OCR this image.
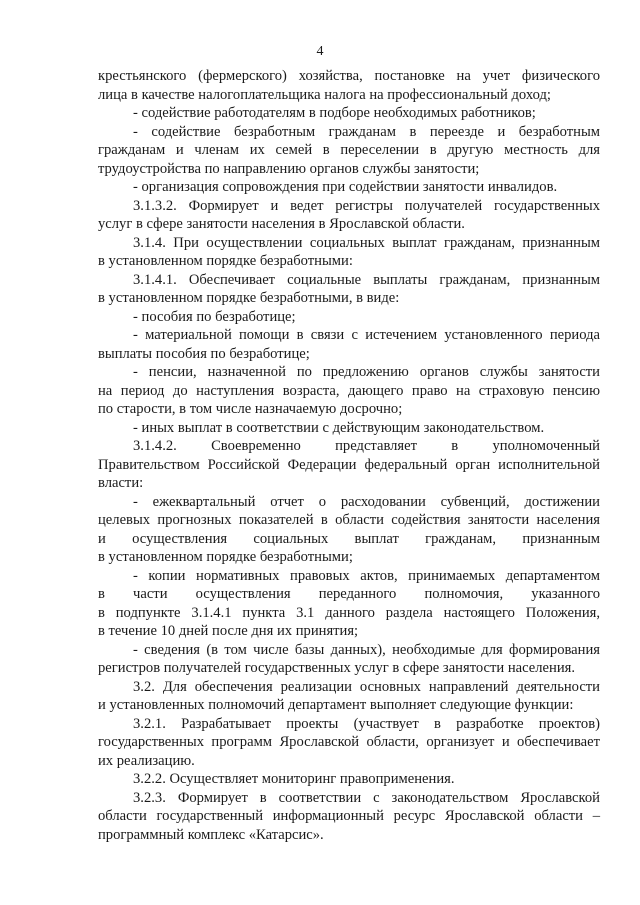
4

крестьянского (фермерского) хозяйства, постановке на учет физического

лица в качестве налогоплательщика налога на профессиональный доход;

- содействие работодателям в подборе необходимых работников;

- содействие безработным гражданам в переезде и безработным

гражданам и членам их семей в переселении в другую местность для

трудоустройства по направлению органов службы занятости;

- организация сопровождения при содействии занятости инвалидов.

3.1.3.2. Формирует и ведет регистры получателей государственных

услуг в сфере занятости населения в Ярославской области.

3.1.4. При осуществлении социальных выплат гражданам, признанным

в установленном порядке безработными:

3.1.4.1. Обеспечивает социальные выплаты гражданам, признанным

в установленном порядке безработными, в виде:

- пособия по безработице;

- материальной помощи в связи с истечением установленного периода

выплаты пособия по безработице;

- пенсии, назначенной по предложению органов службы занятости

на период до наступления возраста, дающего право на страховую пенсию

по старости, в том числе назначаемую досрочно;

- иных выплат в соответствии с действующим законодательством.

3.1.4.2. Своевременно представляет в уполномоченный

Правительством Российской Федерации федеральный орган исполнительной

власти:

- ежеквартальный отчет о расходовании субвенций, достижении

целевых прогнозных показателей в области содействия занятости населения

и осуществления социальных выплат гражданам, признанным

в установленном порядке безработными;

- копии нормативных правовых актов, принимаемых департаментом

в части осуществления переданного полномочия, указанного

в подпункте 3.1.4.1 пункта 3.1 данного раздела настоящего Положения,

в течение 10 дней после дня их принятия;

- сведения (в том числе базы данных), необходимые для формирования

регистров получателей государственных услуг в сфере занятости населения.

3.2. Для обеспечения реализации основных направлений деятельности

и установленных полномочий департамент выполняет следующие функции:

3.2.1. Разрабатывает проекты (участвует в разработке проектов)

государственных программ Ярославской области, организует и обеспечивает

их реализацию.

3.2.2. Осуществляет мониторинг правоприменения.

3.2.3. Формирует в соответствии с законодательством Ярославской

области государственный информационный ресурс Ярославской области –

программный комплекс «Катарсис».
